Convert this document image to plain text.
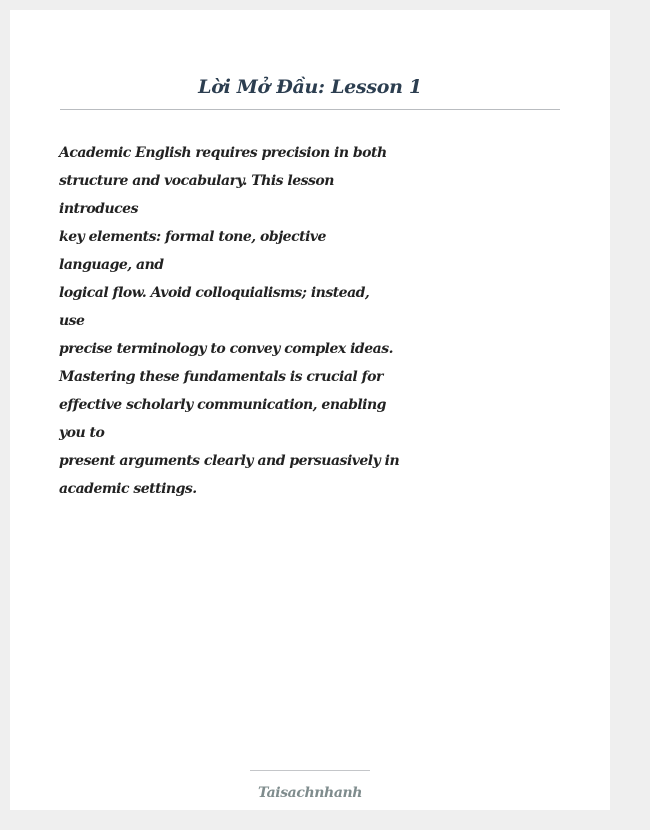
Lời Mở Đầu: Lesson 1

Academic English requires precision in both
structure and vocabulary. This lesson
introduces
key elements: formal tone, objective
language, and
logical flow. Avoid colloquialisms; instead,
use
precise terminology to convey complex ideas.
Mastering these fundamentals is crucial for
effective scholarly communication, enabling
you to
present arguments clearly and persuasively in
academic settings.

Taisachnhanh
